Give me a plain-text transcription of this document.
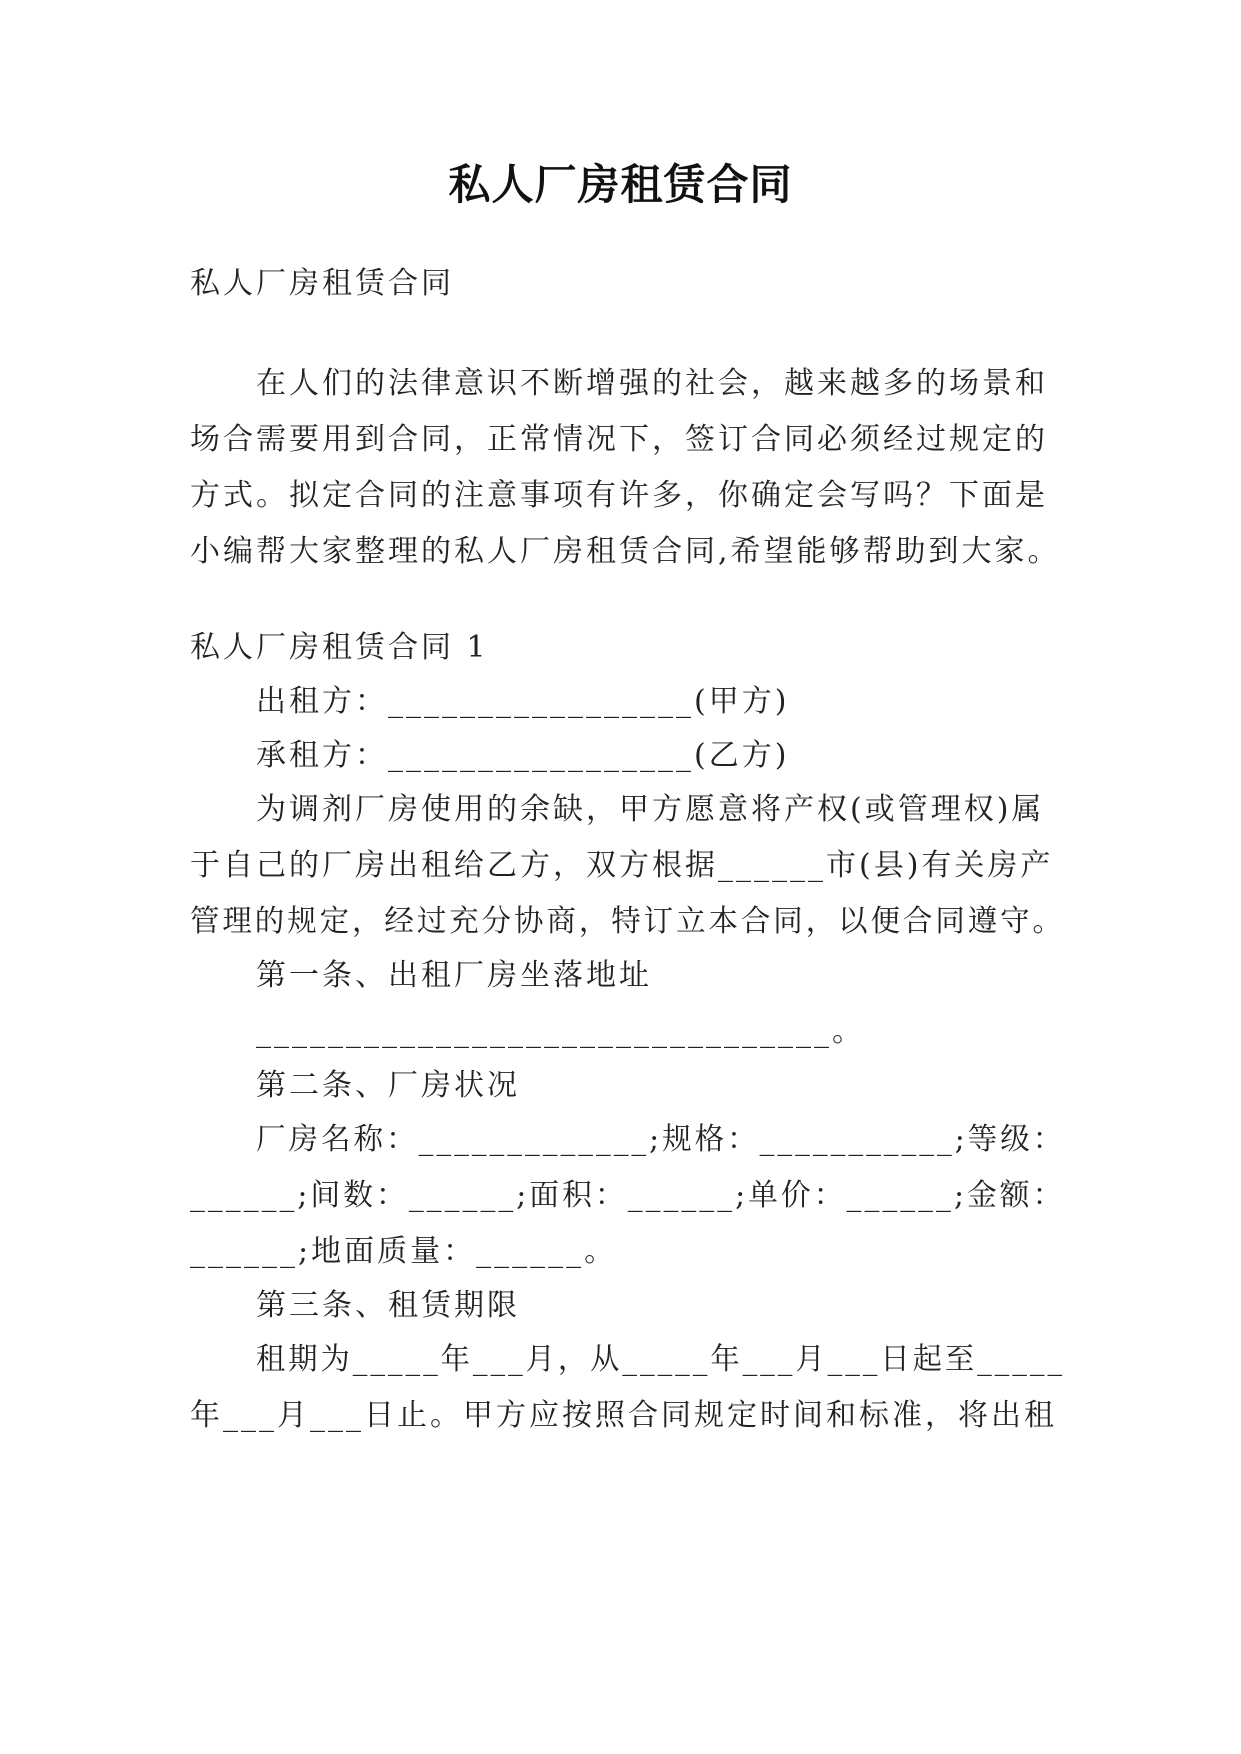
私人厂房租赁合同
私人厂房租赁合同
在人们的法律意识不断增强的社会，越来越多的场景和
场合需要用到合同，正常情况下，签订合同必须经过规定的
方式。拟定合同的注意事项有许多，你确定会写吗？下面是
小编帮大家整理的私人厂房租赁合同,希望能够帮助到大家。
私人厂房租赁合同 1
出租方：_________________(甲方)
承租方：_________________(乙方)
为调剂厂房使用的余缺，甲方愿意将产权(或管理权)属
于自己的厂房出租给乙方，双方根据______市(县)有关房产
管理的规定，经过充分协商，特订立本合同，以便合同遵守。
第一条、出租厂房坐落地址
________________________________。
第二条、厂房状况
厂房名称：_____________;规格：___________;等级：
______;间数：______;面积：______;单价：______;金额：
______;地面质量：______。
第三条、租赁期限
租期为_____年___月，从_____年___月___日起至_____
年___月___日止。甲方应按照合同规定时间和标准，将出租
